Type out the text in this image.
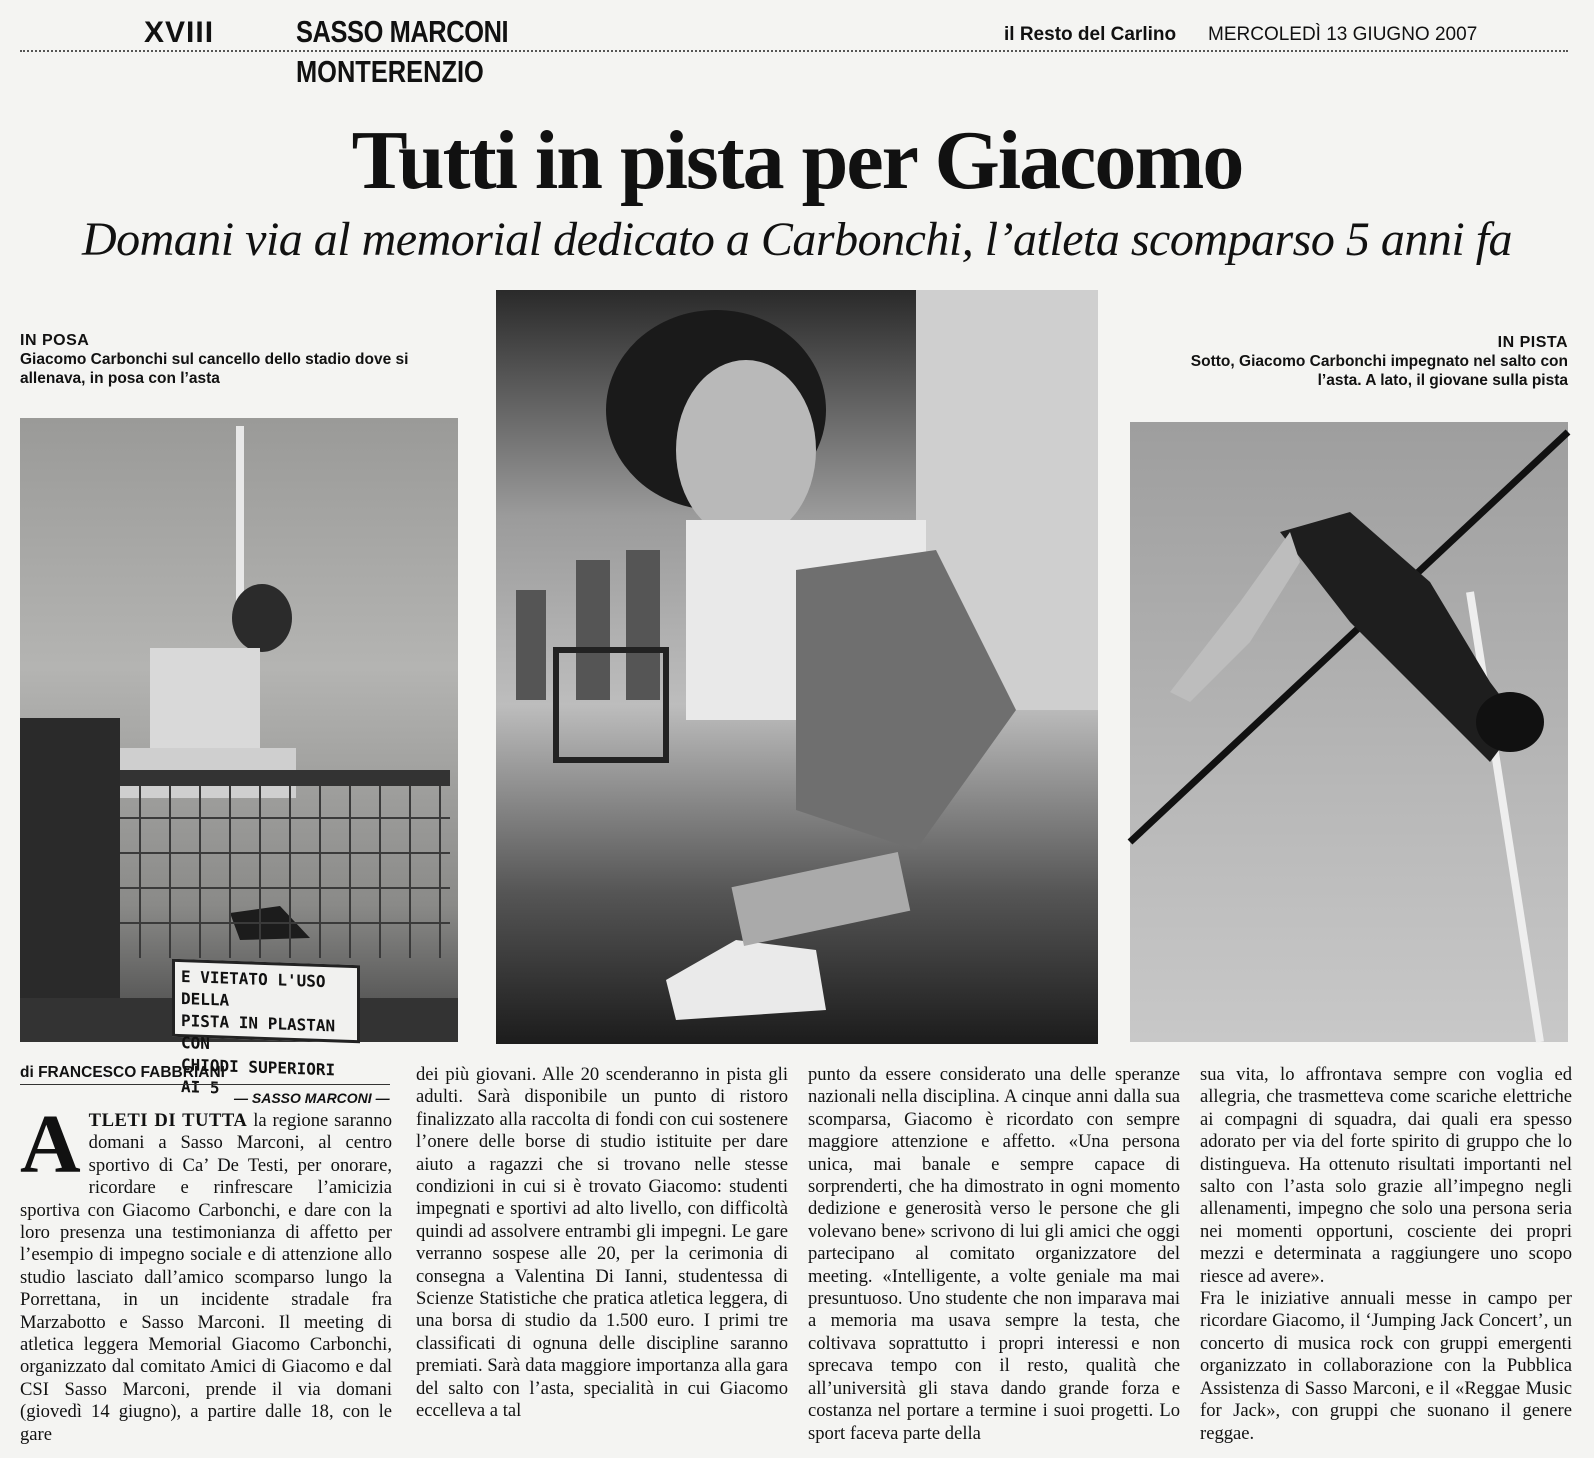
XVIII	SASSO MARCONI
MONTERENZIO
il Resto del Carlino MERCOLEDÌ 13 GIUGNO 2007
Tutti in pista per Giacomo
Domani via al memorial dedicato a Carbonchi, l’atleta scomparso 5 anni fa
IN POSA
Giacomo Carbonchi sul cancello dello stadio dove si allenava, in posa con l’asta
IN PISTA
Sotto, Giacomo Carbonchi impegnato nel salto con l’asta. A lato, il giovane sulla pista
E VIETATO L'USO DELLA
PISTA IN PLASTAN CON
CHIODI SUPERIORI AI 5
di FRANCESCO FABBRIANI
— SASSO MARCONI —

ATLETI DI TUTTA la regione saranno domani a Sasso Marconi, al centro sportivo di Ca’ De Testi, per onorare, ricordare e rinfrescare l’amicizia sportiva con Giacomo Carbonchi, e dare con la loro presenza una testimonianza di affetto per l’esempio di impegno sociale e di attenzione allo studio lasciato dall’amico scomparso lungo la Porrettana, in un incidente stradale fra Marzabotto e Sasso Marconi. Il meeting di atletica leggera Memorial Giacomo Carbonchi, organizzato dal comitato Amici di Giacomo e dal CSI Sasso Marconi, prende il via domani (giovedì 14 giugno), a partire dalle 18, con le gare

dei più giovani. Alle 20 scenderanno in pista gli adulti. Sarà disponibile un punto di ristoro finalizzato alla raccolta di fondi con cui sostenere l’onere delle borse di studio istituite per dare aiuto a ragazzi che si trovano nelle stesse condizioni in cui si è trovato Giacomo: studenti impegnati e sportivi ad alto livello, con difficoltà quindi ad assolvere entrambi gli impegni. Le gare verranno sospese alle 20, per la cerimonia di consegna a Valentina Di Ianni, studentessa di Scienze Statistiche che pratica atletica leggera, di una borsa di studio da 1.500 euro. I primi tre classificati di ognuna delle discipline saranno premiati. Sarà data maggiore importanza alla gara del salto con l’asta, specialità in cui Giacomo eccelleva a tal

punto da essere considerato una delle speranze nazionali nella disciplina. A cinque anni dalla sua scomparsa, Giacomo è ricordato con sempre maggiore attenzione e affetto. «Una persona unica, mai banale e sempre capace di sorprenderti, che ha dimostrato in ogni momento dedizione e generosità verso le persone che gli volevano bene» scrivono di lui gli amici che oggi partecipano al comitato organizzatore del meeting. «Intelligente, a volte geniale ma mai presuntuoso. Uno studente che non imparava mai a memoria ma usava sempre la testa, che coltivava soprattutto i propri interessi e non sprecava tempo con il resto, qualità che all’università gli stava dando grande forza e costanza nel portare a termine i suoi progetti. Lo sport faceva parte della

sua vita, lo affrontava sempre con voglia ed allegria, che trasmetteva come scariche elettriche ai compagni di squadra, dai quali era spesso adorato per via del forte spirito di gruppo che lo distingueva. Ha ottenuto risultati importanti nel salto con l’asta solo grazie all’impegno negli allenamenti, impegno che solo una persona seria nei momenti opportuni, cosciente dei propri mezzi e determinata a raggiungere uno scopo riesce ad avere».

Fra le iniziative annuali messe in campo per ricordare Giacomo, il ‘Jumping Jack Concert’, un concerto di musica rock con gruppi emergenti organizzato in collaborazione con la Pubblica Assistenza di Sasso Marconi, e il «Reggae Music for Jack», con gruppi che suonano il genere reggae.
